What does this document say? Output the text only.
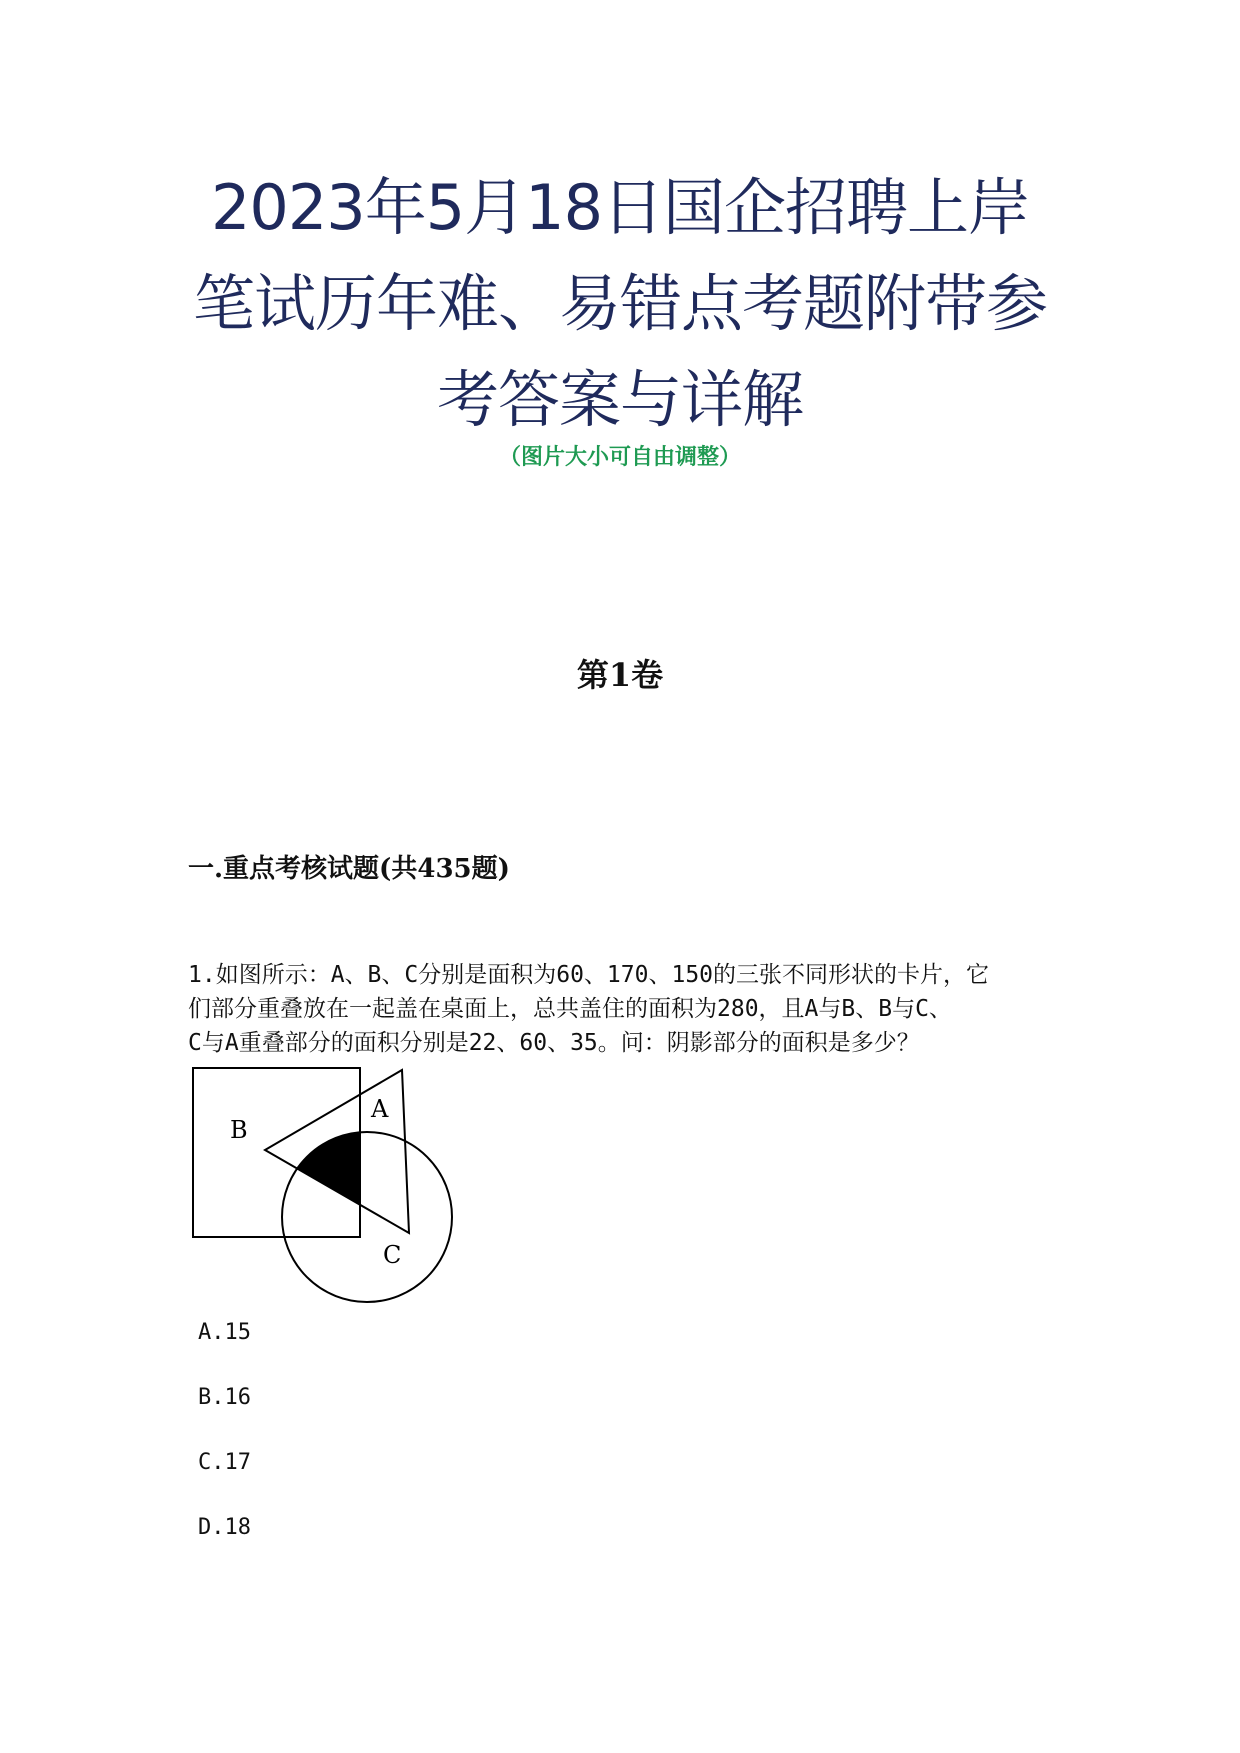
2023年5月18日国企招聘上岸
笔试历年难、易错点考题附带参
考答案与详解
（图片大小可自由调整）
第1卷
一.重点考核试题(共435题)
1.如图所示：A、B、C分别是面积为60、170、150的三张不同形状的卡片，它
们部分重叠放在一起盖在桌面上，总共盖住的面积为280，且A与B、B与C、
C与A重叠部分的面积分别是22、60、35。问：阴影部分的面积是多少？
B
A
C
A.15
B.16
C.17
D.18
